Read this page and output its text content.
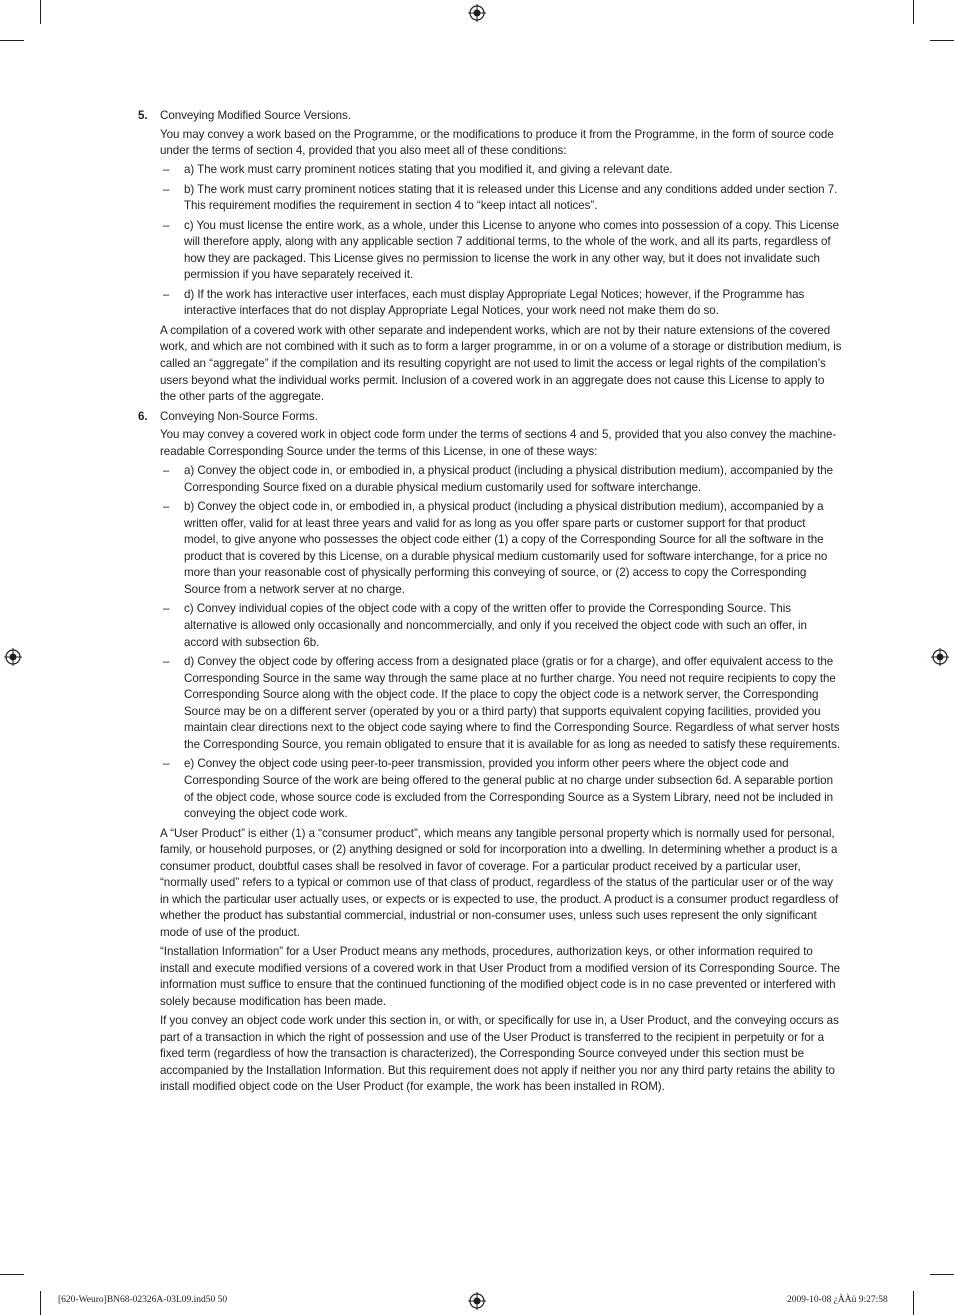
5. Conveying Modified Source Versions.

You may convey a work based on the Programme, or the modifications to produce it from the Programme, in the form of source code under the terms of section 4, provided that you also meet all of these conditions:

– a) The work must carry prominent notices stating that you modified it, and giving a relevant date.
– b) The work must carry prominent notices stating that it is released under this License and any conditions added under section 7. This requirement modifies the requirement in section 4 to “keep intact all notices”.
– c) You must license the entire work, as a whole, under this License to anyone who comes into possession of a copy. This License will therefore apply, along with any applicable section 7 additional terms, to the whole of the work, and all its parts, regardless of how they are packaged. This License gives no permission to license the work in any other way, but it does not invalidate such permission if you have separately received it.
– d) If the work has interactive user interfaces, each must display Appropriate Legal Notices; however, if the Programme has interactive interfaces that do not display Appropriate Legal Notices, your work need not make them do so.

A compilation of a covered work with other separate and independent works, which are not by their nature extensions of the covered work, and which are not combined with it such as to form a larger programme, in or on a volume of a storage or distribution medium, is called an “aggregate” if the compilation and its resulting copyright are not used to limit the access or legal rights of the compilation’s users beyond what the individual works permit. Inclusion of a covered work in an aggregate does not cause this License to apply to the other parts of the aggregate.

6. Conveying Non-Source Forms.

You may convey a covered work in object code form under the terms of sections 4 and 5, provided that you also convey the machine-readable Corresponding Source under the terms of this License, in one of these ways:

– a) Convey the object code in, or embodied in, a physical product (including a physical distribution medium), accompanied by the Corresponding Source fixed on a durable physical medium customarily used for software interchange.
– b) Convey the object code in, or embodied in, a physical product (including a physical distribution medium), accompanied by a written offer, valid for at least three years and valid for as long as you offer spare parts or customer support for that product model, to give anyone who possesses the object code either (1) a copy of the Corresponding Source for all the software in the product that is covered by this License, on a durable physical medium customarily used for software interchange, for a price no more than your reasonable cost of physically performing this conveying of source, or (2) access to copy the Corresponding Source from a network server at no charge.
– c) Convey individual copies of the object code with a copy of the written offer to provide the Corresponding Source. This alternative is allowed only occasionally and noncommercially, and only if you received the object code with such an offer, in accord with subsection 6b.
– d) Convey the object code by offering access from a designated place (gratis or for a charge), and offer equivalent access to the Corresponding Source in the same way through the same place at no further charge. You need not require recipients to copy the Corresponding Source along with the object code. If the place to copy the object code is a network server, the Corresponding Source may be on a different server (operated by you or a third party) that supports equivalent copying facilities, provided you maintain clear directions next to the object code saying where to find the Corresponding Source. Regardless of what server hosts the Corresponding Source, you remain obligated to ensure that it is available for as long as needed to satisfy these requirements.
– e) Convey the object code using peer-to-peer transmission, provided you inform other peers where the object code and Corresponding Source of the work are being offered to the general public at no charge under subsection 6d. A separable portion of the object code, whose source code is excluded from the Corresponding Source as a System Library, need not be included in conveying the object code work.

A “User Product” is either (1) a “consumer product”, which means any tangible personal property which is normally used for personal, family, or household purposes, or (2) anything designed or sold for incorporation into a dwelling. In determining whether a product is a consumer product, doubtful cases shall be resolved in favor of coverage. For a particular product received by a particular user, “normally used” refers to a typical or common use of that class of product, regardless of the status of the particular user or of the way in which the particular user actually uses, or expects or is expected to use, the product. A product is a consumer product regardless of whether the product has substantial commercial, industrial or non-consumer uses, unless such uses represent the only significant mode of use of the product.

“Installation Information” for a User Product means any methods, procedures, authorization keys, or other information required to install and execute modified versions of a covered work in that User Product from a modified version of its Corresponding Source. The information must suffice to ensure that the continued functioning of the modified object code is in no case prevented or interfered with solely because modification has been made.

If you convey an object code work under this section in, or with, or specifically for use in, a User Product, and the conveying occurs as part of a transaction in which the right of possession and use of the User Product is transferred to the recipient in perpetuity or for a fixed term (regardless of how the transaction is characterized), the Corresponding Source conveyed under this section must be accompanied by the Installation Information. But this requirement does not apply if neither you nor any third party retains the ability to install modified object code on the User Product (for example, the work has been installed in ROM).

[620-Weuro]BN68-02326A-03L09.ind50 50	2009-10-08 ¿ÀÀü 9:27:58
